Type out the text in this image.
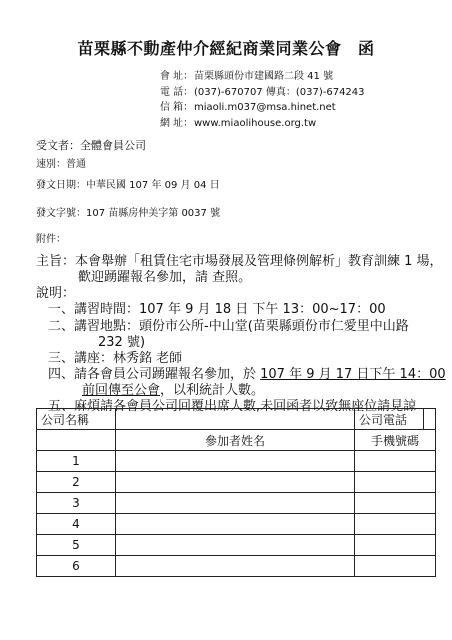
苗栗縣不動產仲介經紀商業同業公會　函
會 址：苗栗縣頭份市建國路二段 41 號
電 話：(037)-670707 傳真：(037)-674243
信 箱：miaoli.m037@msa.hinet.net
網 址：www.miaolihouse.org.tw
受文者：全體會員公司
速別：普通
發文日期：中華民國 107 年 09 月 04 日
發文字號：107 苗縣房仲美字第 0037 號
附件：
主旨：本會舉辦「租賃住宅市場發展及管理條例解析」教育訓練 1 場，
歡迎踴躍報名參加，請 查照。
說明：
一、講習時間：107 年 9 月 18 日 下午 13：00~17：00
二、講習地點：頭份市公所-中山堂(苗栗縣頭份市仁愛里中山路
232 號)
三、講座：林秀銘 老師
四、請各會員公司踴躍報名參加，於 107 年 9 月 17 日下午 14：00
前回傳至公會，以利統計人數。
五、麻煩請各會員公司回覆出席人數,未回函者以致無座位請見諒
公司名稱		公司電話	
	參加者姓名	手機號碼	
1			
2			
3			
4			
5			
6			
